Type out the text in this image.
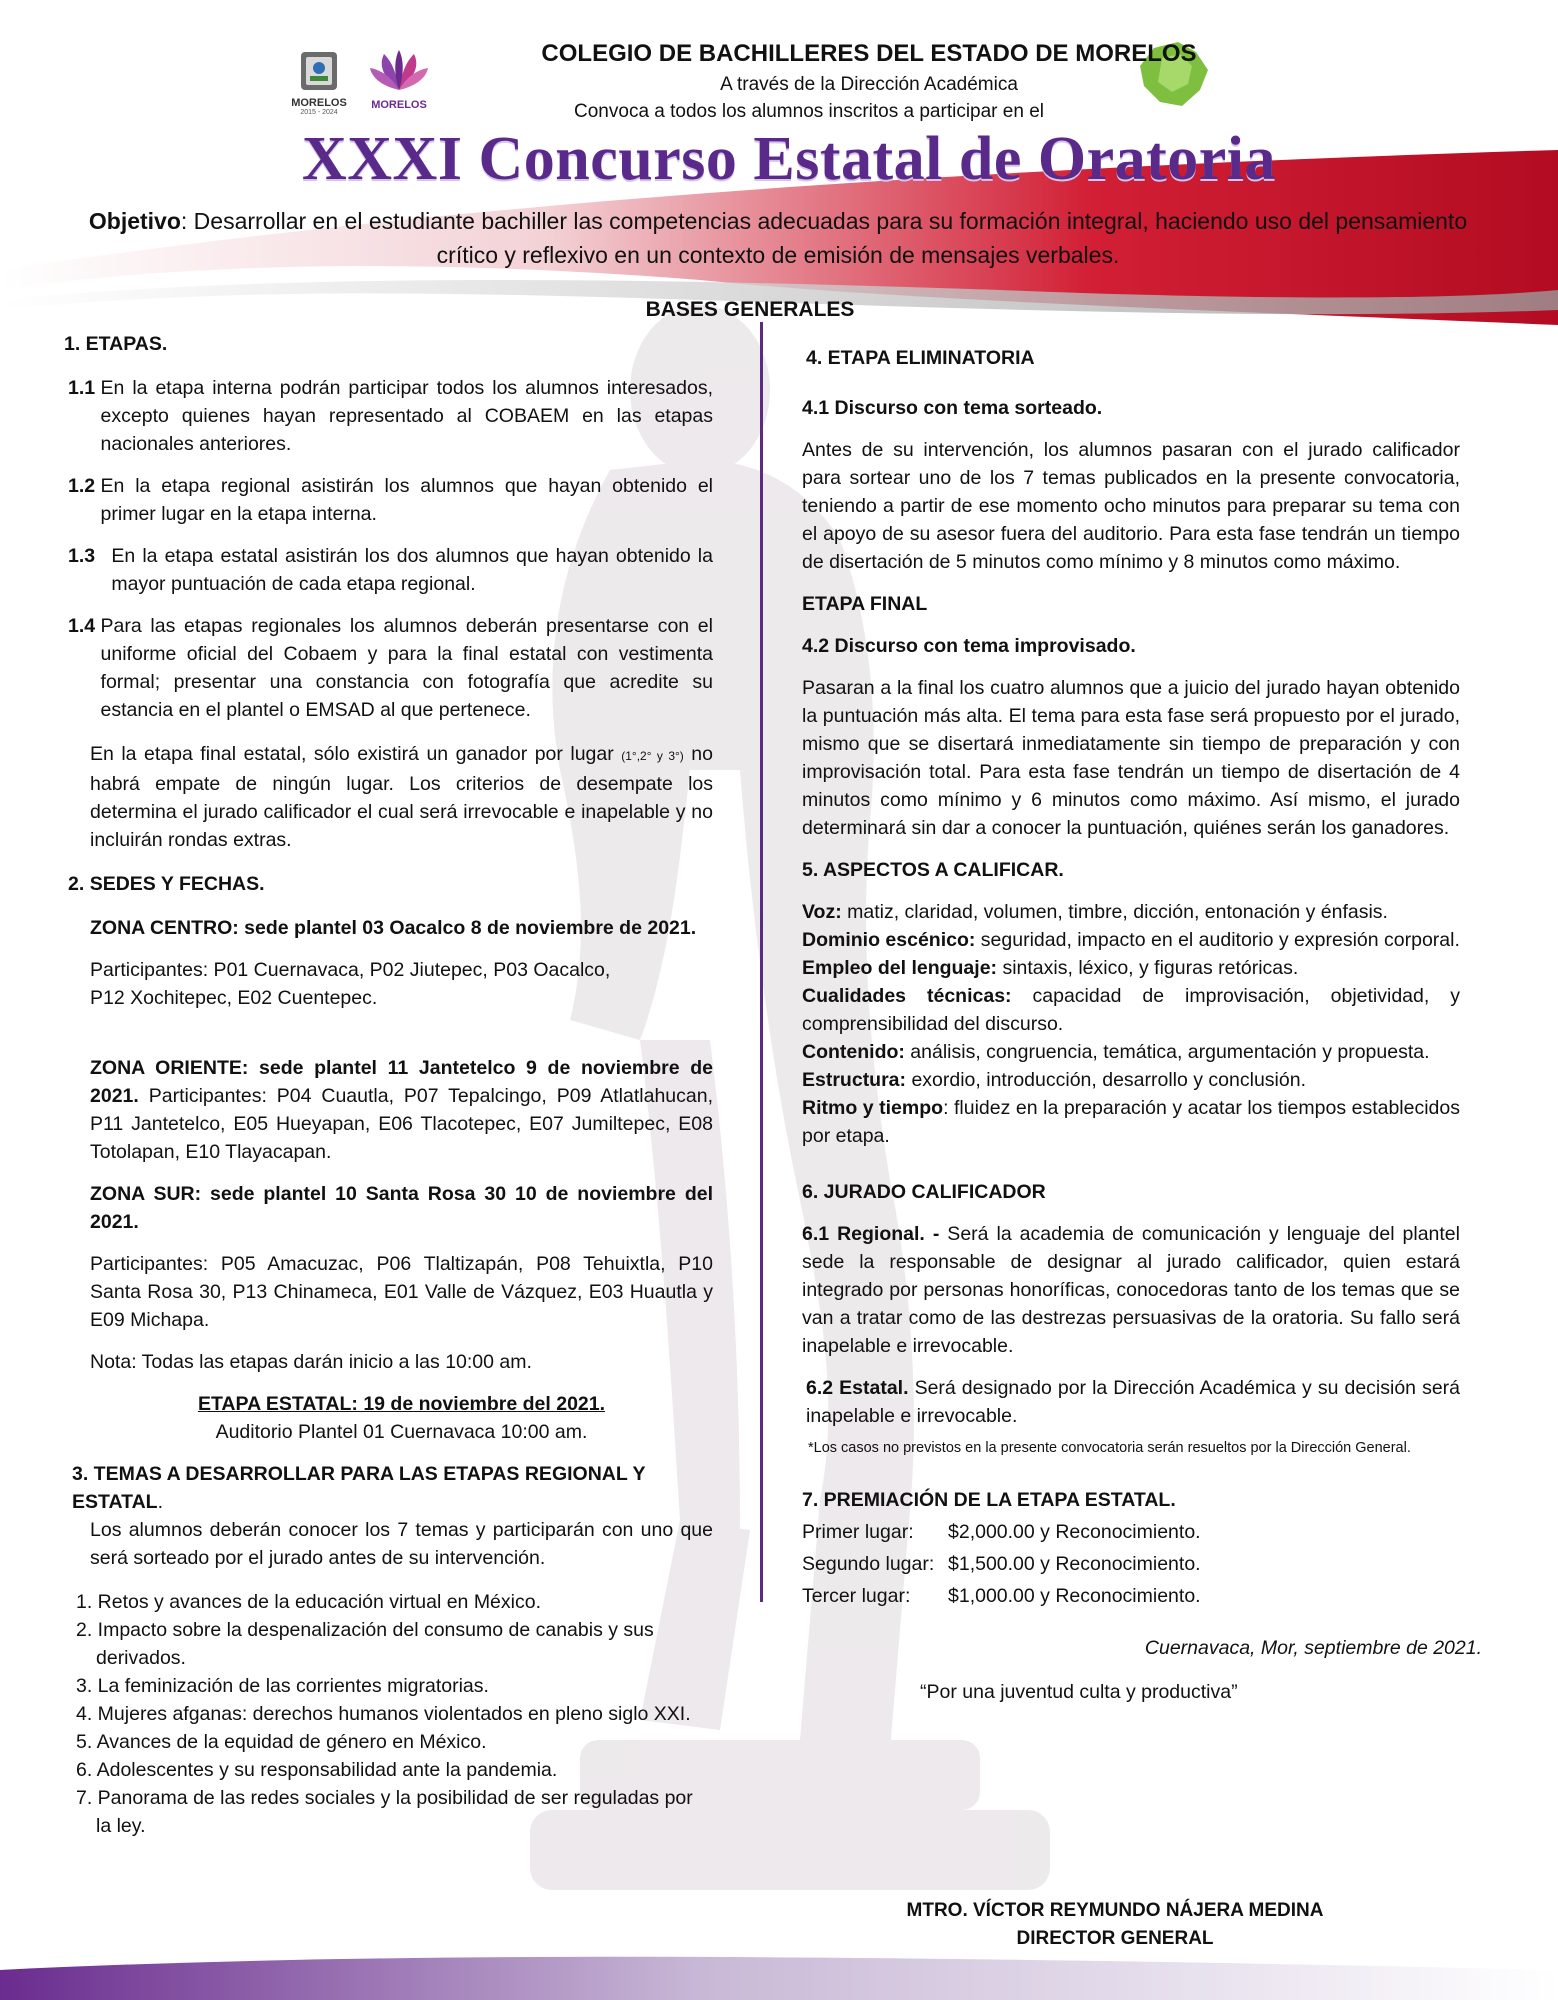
MORELOS
2015 - 2024
MORELOS
COLEGIO DE BACHILLERES DEL ESTADO DE MORELOS
A través de la Dirección Académica
Convoca a todos los alumnos inscritos a participar en el
XXXI Concurso Estatal de Oratoria
Objetivo: Desarrollar en el estudiante bachiller las competencias adecuadas para su formación integral, haciendo uso del pensamiento crítico y reflexivo en un contexto de emisión de mensajes verbales.
BASES GENERALES

1. ETAPAS.

1.1 En la etapa interna podrán participar todos los alumnos interesados, excepto quienes hayan representado al COBAEM en las etapas nacionales anteriores.
1.2 En la etapa regional asistirán los alumnos que hayan obtenido el primer lugar en la etapa interna.
1.3 En la etapa estatal asistirán los dos alumnos que hayan obtenido la mayor puntuación de cada etapa regional.
1.4 Para las etapas regionales los alumnos deberán presentarse con el uniforme oficial del Cobaem y para la final estatal con vestimenta formal; presentar una constancia con fotografía que acredite su estancia en el plantel o EMSAD al que pertenece.

En la etapa final estatal, sólo existirá un ganador por lugar (1°,2° y 3°) no habrá empate de ningún lugar. Los criterios de desempate los determina el jurado calificador el cual será irrevocable e inapelable y no incluirán rondas extras.

2. SEDES Y FECHAS.

ZONA CENTRO: sede plantel 03 Oacalco 8 de noviembre de 2021.

Participantes: P01 Cuernavaca, P02 Jiutepec, P03 Oacalco, P12 Xochitepec, E02 Cuentepec.

ZONA ORIENTE: sede plantel 11 Jantetelco 9 de noviembre de 2021. Participantes: P04 Cuautla, P07 Tepalcingo, P09 Atlatlahucan, P11 Jantetelco, E05 Hueyapan, E06 Tlacotepec, E07 Jumiltepec, E08 Totolapan, E10 Tlayacapan.

ZONA SUR: sede plantel 10 Santa Rosa 30 10 de noviembre del 2021.

Participantes: P05 Amacuzac, P06 Tlaltizapán, P08 Tehuixtla, P10 Santa Rosa 30, P13 Chinameca, E01 Valle de Vázquez, E03 Huautla y E09 Michapa.

Nota: Todas las etapas darán inicio a las 10:00 am.

ETAPA ESTATAL: 19 de noviembre del 2021.

Auditorio Plantel 01 Cuernavaca 10:00 am.

3. TEMAS A DESARROLLAR PARA LAS ETAPAS REGIONAL Y ESTATAL.

Los alumnos deberán conocer los 7 temas y participarán con uno que será sorteado por el jurado antes de su intervención.

1. Retos y avances de la educación virtual en México.
2. Impacto sobre la despenalización del consumo de canabis y sus derivados.
3. La feminización de las corrientes migratorias.
4. Mujeres afganas: derechos humanos violentados en pleno siglo XXI.
5. Avances de la equidad de género en México.
6. Adolescentes y su responsabilidad ante la pandemia.
7. Panorama de las redes sociales y la posibilidad de ser reguladas por la ley.

4. ETAPA ELIMINATORIA

4.1 Discurso con tema sorteado.

Antes de su intervención, los alumnos pasaran con el jurado calificador para sortear uno de los 7 temas publicados en la presente convocatoria, teniendo a partir de ese momento ocho minutos para preparar su tema con el apoyo de su asesor fuera del auditorio. Para esta fase tendrán un tiempo de disertación de 5 minutos como mínimo y 8 minutos como máximo.

ETAPA FINAL

4.2 Discurso con tema improvisado.

Pasaran a la final los cuatro alumnos que a juicio del jurado hayan obtenido la puntuación más alta. El tema para esta fase será propuesto por el jurado, mismo que se disertará inmediatamente sin tiempo de preparación y con improvisación total. Para esta fase tendrán un tiempo de disertación de 4 minutos como mínimo y 6 minutos como máximo. Así mismo, el jurado determinará sin dar a conocer la puntuación, quiénes serán los ganadores.

5. ASPECTOS A CALIFICAR.

Voz: matiz, claridad, volumen, timbre, dicción, entonación y énfasis.

Dominio escénico: seguridad, impacto en el auditorio y expresión corporal.

Empleo del lenguaje: sintaxis, léxico, y figuras retóricas.

Cualidades técnicas: capacidad de improvisación, objetividad, y comprensibilidad del discurso.

Contenido: análisis, congruencia, temática, argumentación y propuesta.

Estructura: exordio, introducción, desarrollo y conclusión.

Ritmo y tiempo: fluidez en la preparación y acatar los tiempos establecidos por etapa.

6. JURADO CALIFICADOR

6.1 Regional. - Será la academia de comunicación y lenguaje del plantel sede la responsable de designar al jurado calificador, quien estará integrado por personas honoríficas, conocedoras tanto de los temas que se van a tratar como de las destrezas persuasivas de la oratoria. Su fallo será inapelable e irrevocable.

6.2 Estatal. Será designado por la Dirección Académica y su decisión será inapelable e irrevocable.

*Los casos no previstos en la presente convocatoria serán resueltos por la Dirección General.

7. PREMIACIÓN DE LA ETAPA ESTATAL.

Primer lugar:	$2,000.00 y Reconocimiento.
Segundo lugar: $1,500.00 y Reconocimiento.
Tercer lugar:	$1,000.00 y Reconocimiento.

Cuernavaca, Mor, septiembre de 2021.

“Por una juventud culta y productiva”

MTRO. VÍCTOR REYMUNDO NÁJERA MEDINA
DIRECTOR GENERAL
